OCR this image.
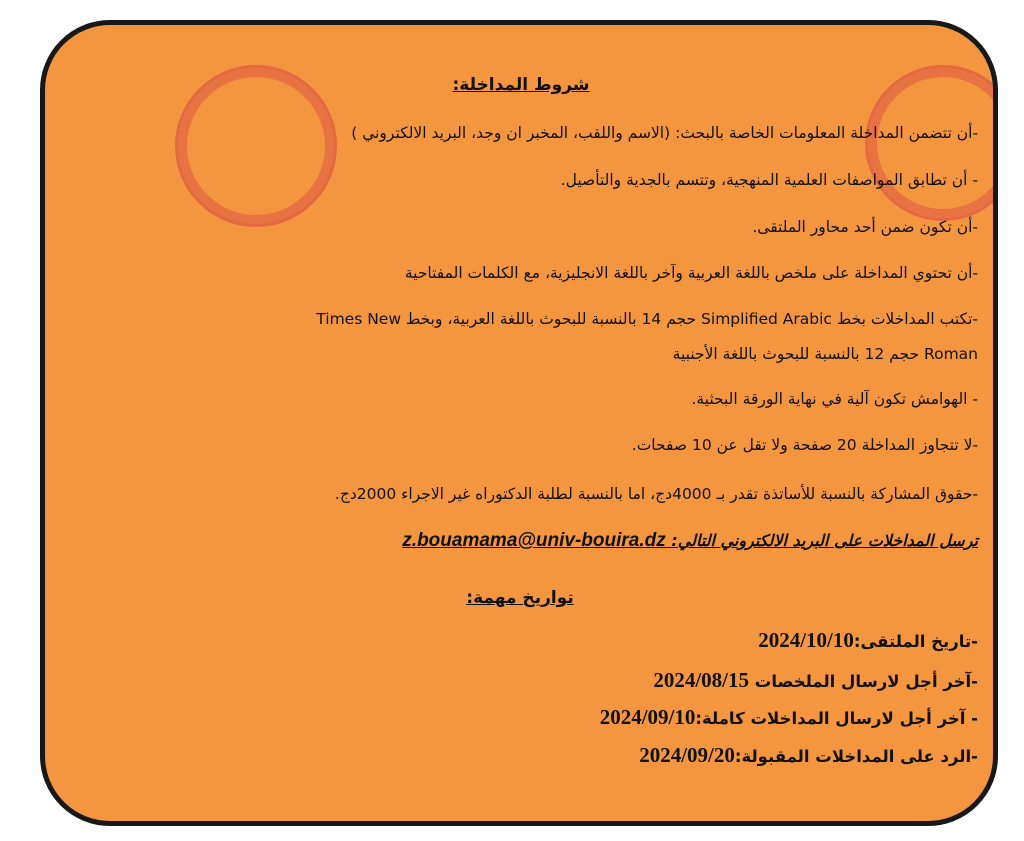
شروط المداخلة:

-أن تتضمن المداخلة المعلومات الخاصة بالبحث: (الاسم واللقب، المخبر ان وجد، البريد الالكتروني )

- أن تطابق المواصفات العلمية المنهجية، وتتسم بالجدية والتأصيل.

-أن تكون ضمن أحد محاور الملتقى.

-أن تحتوي المداخلة على ملخص باللغة العربية وآخر باللغة الانجليزية، مع الكلمات المفتاحية

-تكتب المداخلات بخط Simplified Arabic حجم 14 بالنسبة للبحوث باللغة العربية، وبخط Times New

Roman حجم 12 بالنسبة للبحوث باللغة الأجنبية

- الهوامش تكون آلية في نهاية الورقة البحثية.

-لا تتجاوز المداخلة 20 صفحة ولا تقل عن 10 صفحات.

-حقوق المشاركة بالنسبة للأساتذة تقدر بـ 4000دج، اما بالنسبة لطلبة الدكتوراه غير الاجراء 2000دج.

ترسل المداخلات على البريد الالكتروني التالي: z.bouamama@univ-bouira.dz

تواريخ مهمة:

-تاريخ الملتقى:2024/10/10

-آخر أجل لارسال الملخصات 2024/08/15

- آخر أجل لارسال المداخلات كاملة:2024/09/10

-الرد على المداخلات المقبولة:2024/09/20
